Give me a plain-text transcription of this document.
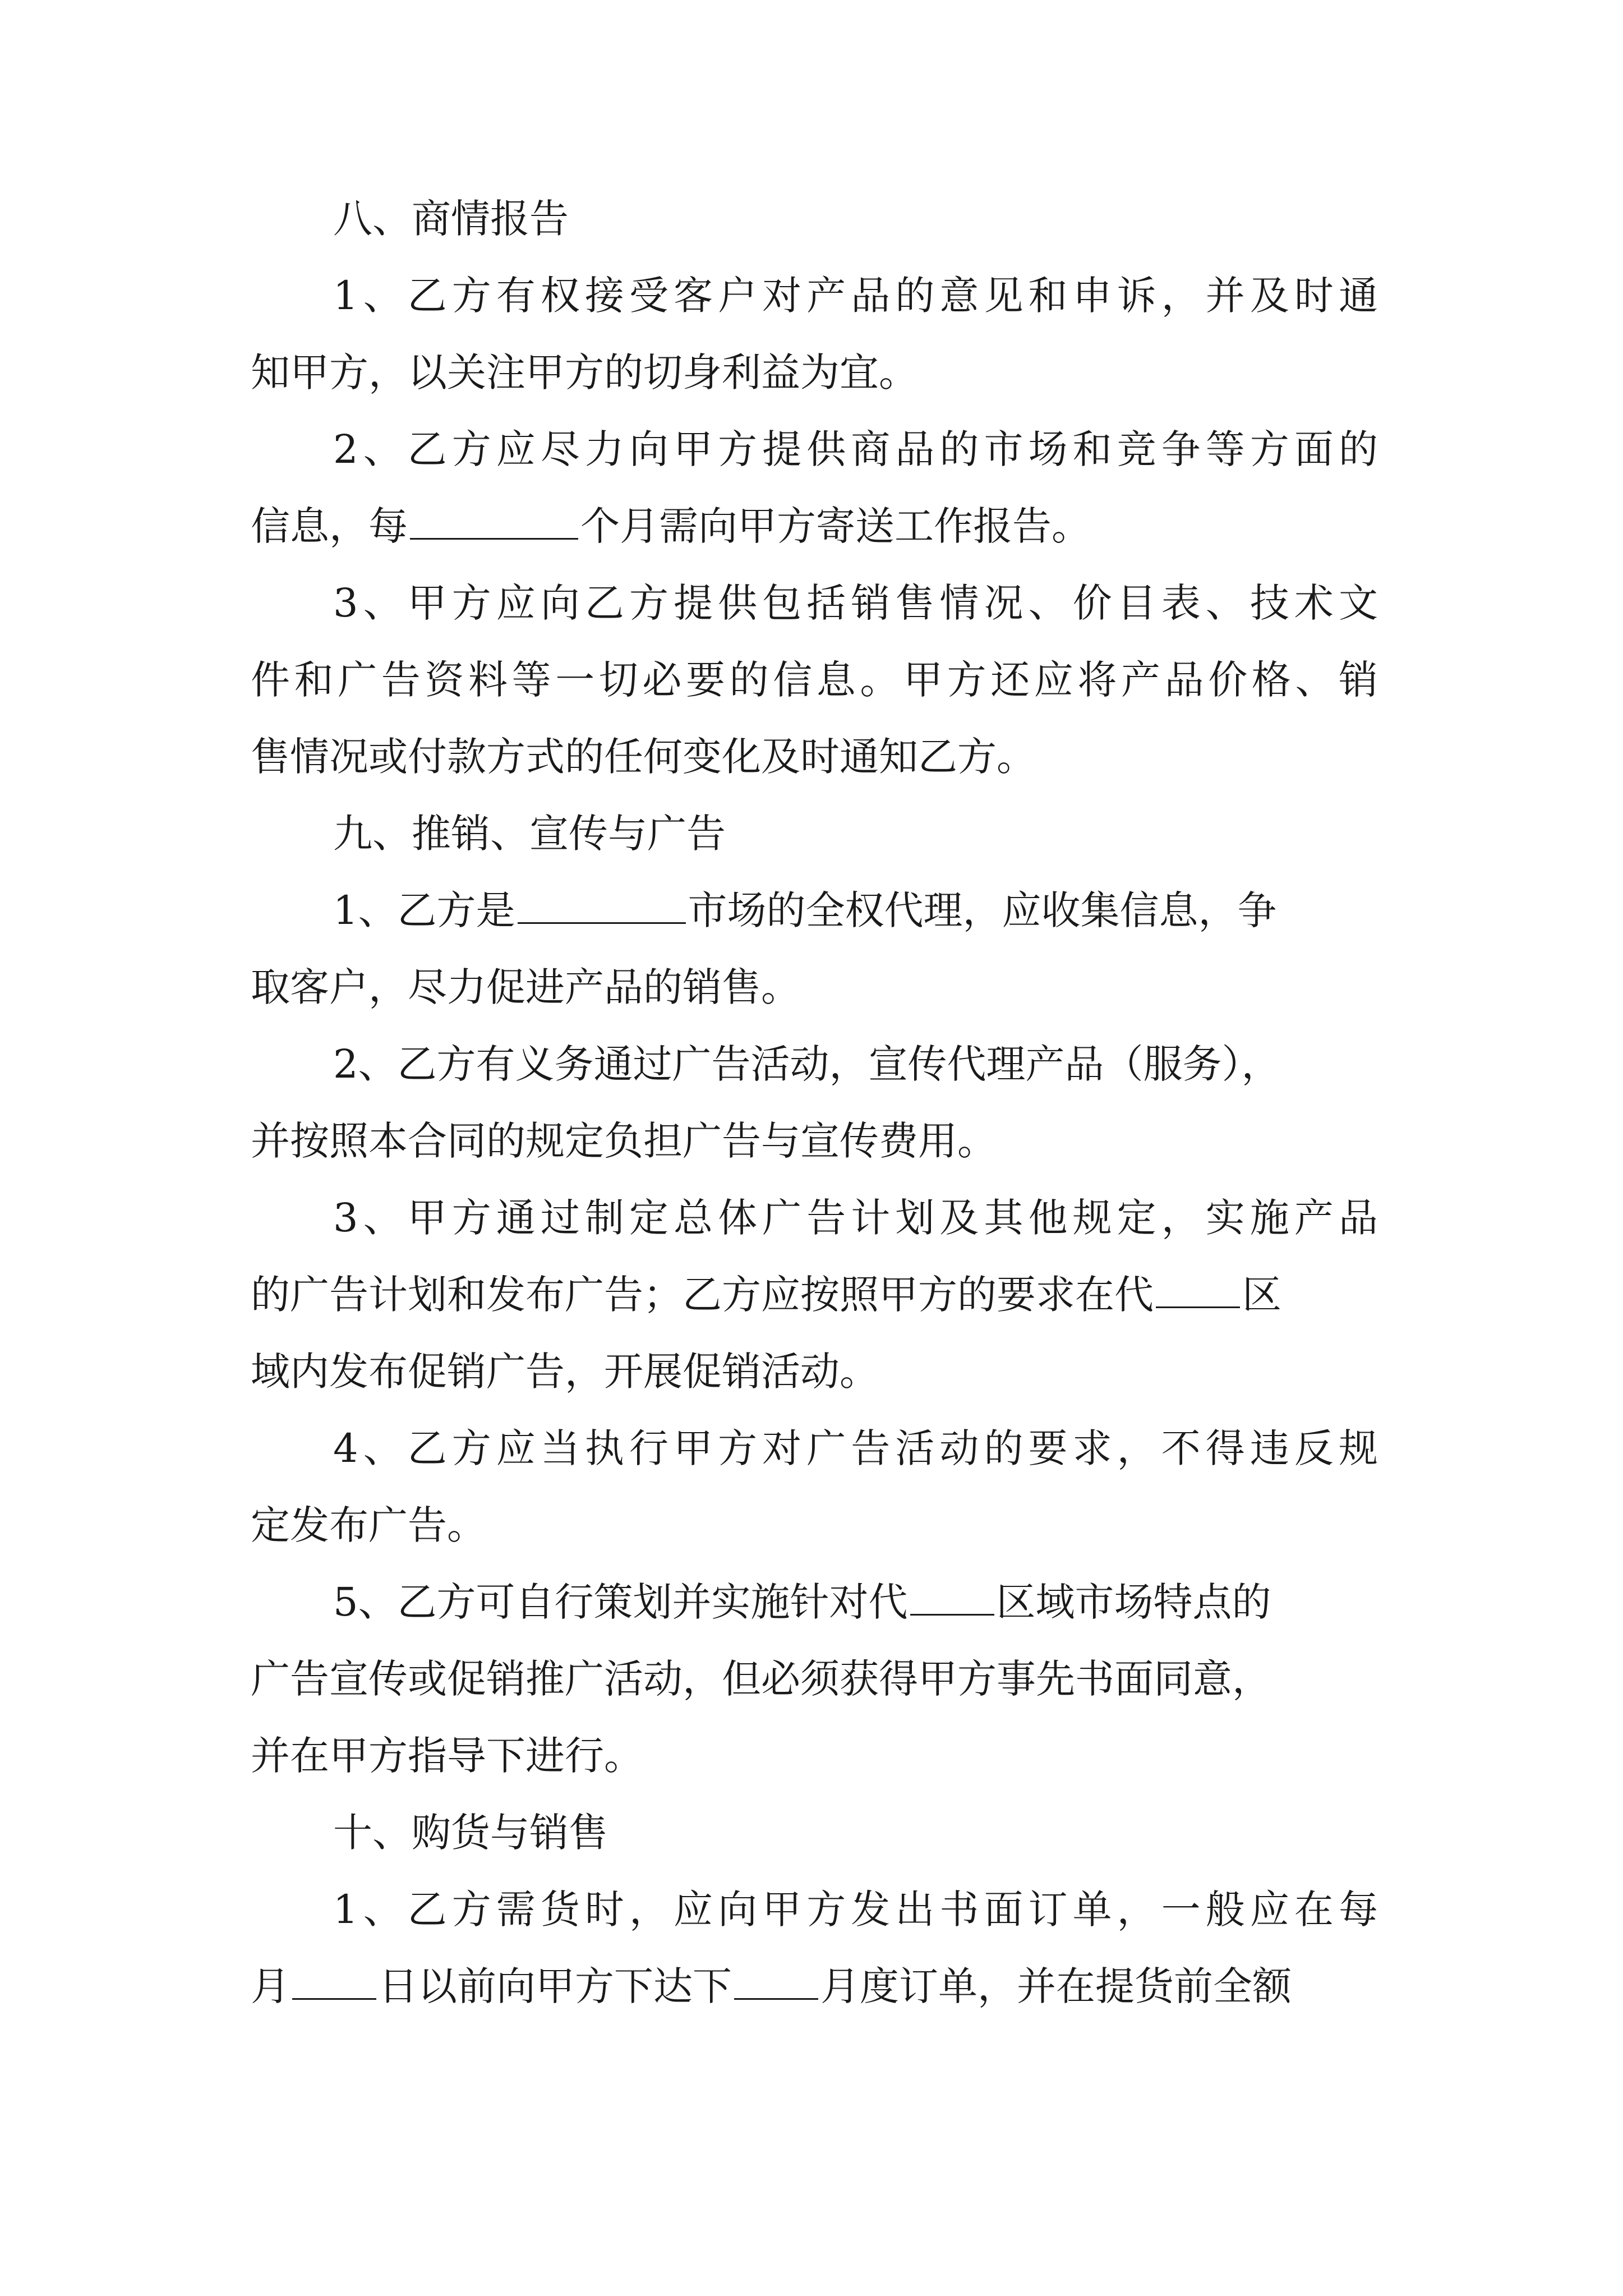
八、商情报告
1、乙方有权接受客户对产品的意见和申诉，并及时通
知甲方，以关注甲方的切身利益为宜。
2、乙方应尽力向甲方提供商品的市场和竞争等方面的
信息，每	个月需向甲方寄送工作报告。
3、甲方应向乙方提供包括销售情况、价目表、技术文
件和广告资料等一切必要的信息。甲方还应将产品价格、销
售情况或付款方式的任何变化及时通知乙方。
九、推销、宣传与广告
1、乙方是	市场的全权代理，应收集信息，争
取客户，尽力促进产品的销售。
2、乙方有义务通过广告活动，宣传代理产品（服务），
并按照本合同的规定负担广告与宣传费用。
3、甲方通过制定总体广告计划及其他规定，实施产品
的广告计划和发布广告；乙方应按照甲方的要求在代 区
域内发布促销广告，开展促销活动。
4、乙方应当执行甲方对广告活动的要求，不得违反规
定发布广告。
5、乙方可自行策划并实施针对代 区域市场特点的
广告宣传或促销推广活动，但必须获得甲方事先书面同意，
并在甲方指导下进行。
十、购货与销售
1、乙方需货时，应向甲方发出书面订单，一般应在每
月 日以前向甲方下达下 月度订单，并在提货前全额
